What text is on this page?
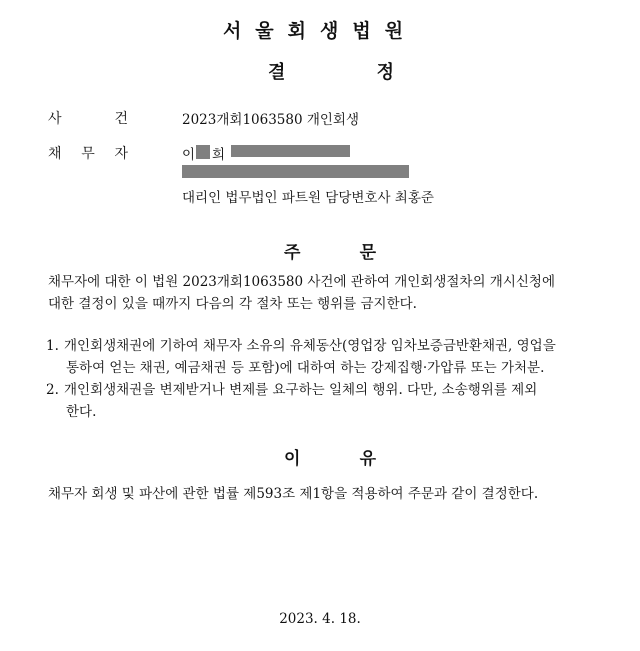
서울회생법원
결	정
사	건	2023개회1063580 개인회생
채 무 자	이 희
대리인 법무법인 파트원 담당변호사 최홍준
주	문
채무자에 대한 이 법원 2023개회1063580 사건에 관하여 개인회생절차의 개시신청에
대한 결정이 있을 때까지 다음의 각 절차 또는 행위를 금지한다.
1. 개인회생채권에 기하여 채무자 소유의 유체동산(영업장 임차보증금반환채권, 영업을
통하여 얻는 채권, 예금채권 등 포함)에 대하여 하는 강제집행·가압류 또는 가처분.
2. 개인회생채권을 변제받거나 변제를 요구하는 일체의 행위. 다만, 소송행위를 제외
한다.
이	유
채무자 회생 및 파산에 관한 법률 제593조 제1항을 적용하여 주문과 같이 결정한다.
2023. 4. 18.
